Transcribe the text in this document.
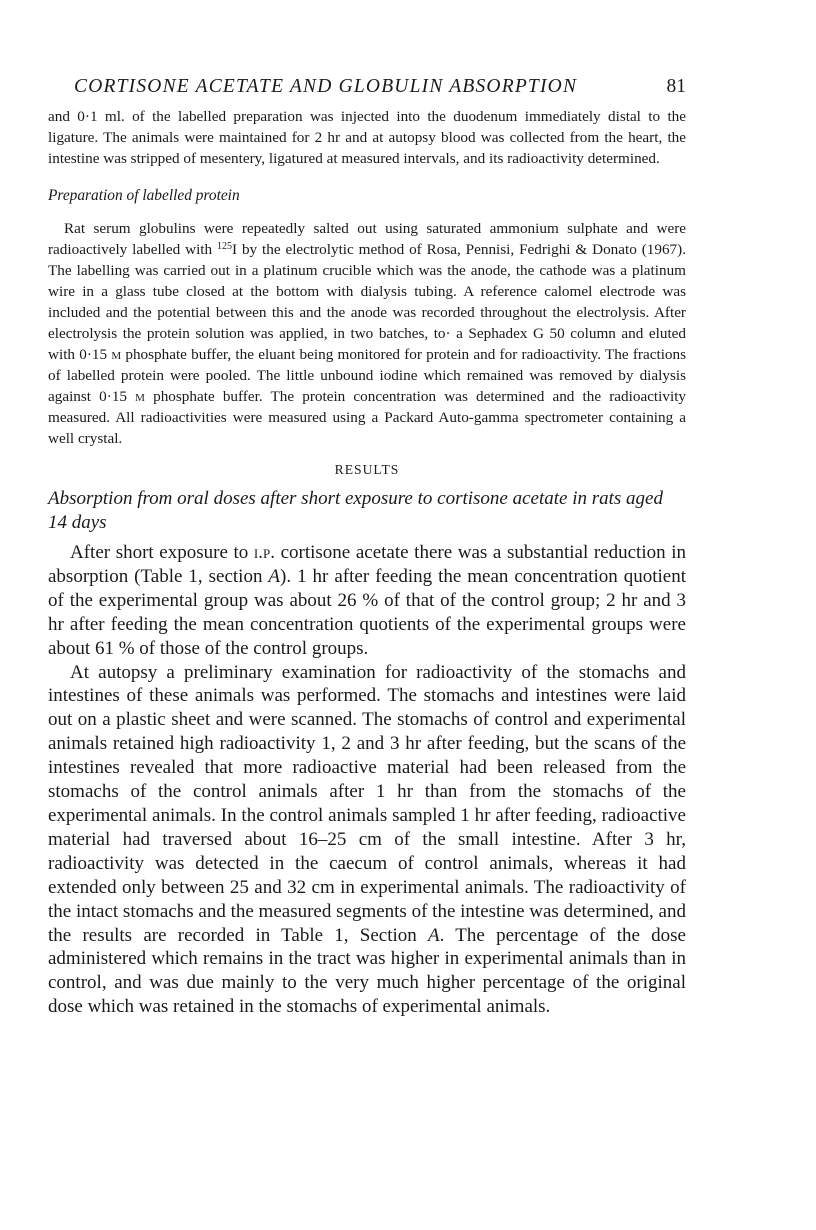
CORTISONE ACETATE AND GLOBULIN ABSORPTION	81

and 0·1 ml. of the labelled preparation was injected into the duodenum immediately distal to the ligature. The animals were maintained for 2 hr and at autopsy blood was collected from the heart, the intestine was stripped of mesentery, ligatured at measured intervals, and its radioactivity determined.

Preparation of labelled protein

Rat serum globulins were repeatedly salted out using saturated ammonium sulphate and were radioactively labelled with $^{125}$I by the electrolytic method of Rosa, Pennisi, Fedrighi & Donato (1967). The labelling was carried out in a platinum crucible which was the anode, the cathode was a platinum wire in a glass tube closed at the bottom with dialysis tubing. A reference calomel electrode was included and the potential between this and the anode was recorded throughout the electrolysis. After electrolysis the protein solution was applied, in two batches, to· a Sephadex G 50 column and eluted with 0·15 m phosphate buffer, the eluant being monitored for protein and for radioactivity. The fractions of labelled protein were pooled. The little unbound iodine which remained was removed by dialysis against 0·15 m phosphate buffer. The protein concentration was determined and the radioactivity measured. All radioactivities were measured using a Packard Auto-gamma spectrometer containing a well crystal.

RESULTS
Absorption from oral doses after short exposure to cortisone acetate in rats aged 14 days

After short exposure to i.p. cortisone acetate there was a substantial reduction in absorption (Table 1, section A). 1 hr after feeding the mean concentration quotient of the experimental group was about 26 % of that of the control group; 2 hr and 3 hr after feeding the mean concentration quotients of the experimental groups were about 61 % of those of the control groups.

At autopsy a preliminary examination for radioactivity of the stomachs and intestines of these animals was performed. The stomachs and intestines were laid out on a plastic sheet and were scanned. The stomachs of control and experimental animals retained high radioactivity 1, 2 and 3 hr after feeding, but the scans of the intestines revealed that more radioactive material had been released from the stomachs of the control animals after 1 hr than from the stomachs of the experimental animals. In the control animals sampled 1 hr after feeding, radioactive material had traversed about 16–25 cm of the small intestine. After 3 hr, radioactivity was detected in the caecum of control animals, whereas it had extended only between 25 and 32 cm in experimental animals. The radioactivity of the intact stomachs and the measured segments of the intestine was determined, and the results are recorded in Table 1, Section A. The percentage of the dose administered which remains in the tract was higher in experimental animals than in control, and was due mainly to the very much higher percentage of the original dose which was retained in the stomachs of experimental animals.
